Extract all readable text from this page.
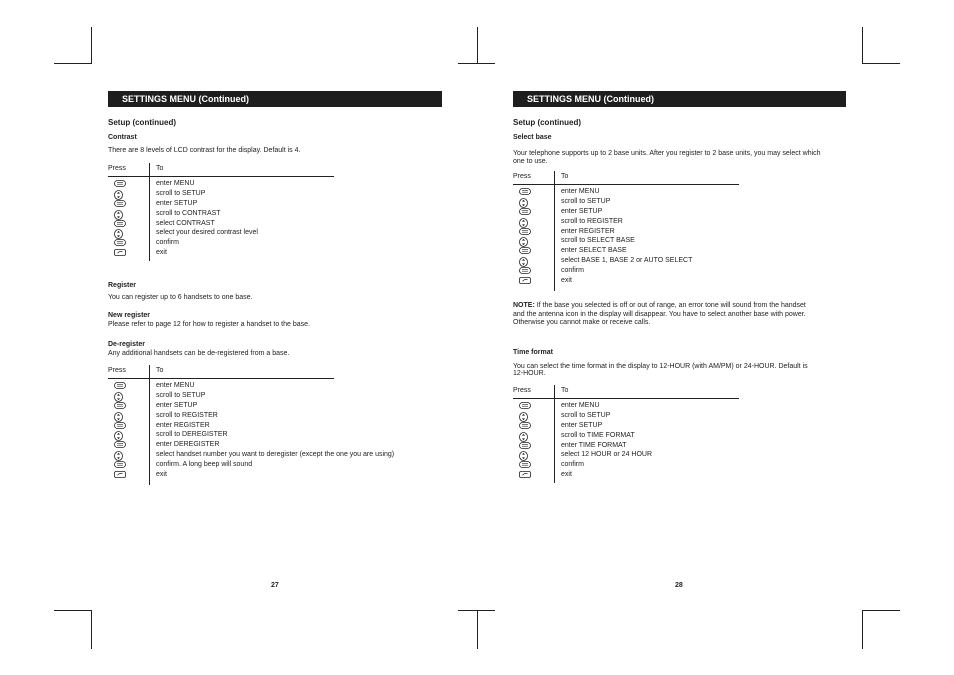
SETTINGS MENU (Continued)

Setup (continued)

Contrast

There are 8 levels of LCD contrast for the display. Default is 4.

Press	To
enter MENU
scroll to SETUP
enter SETUP
scroll to CONTRAST
select CONTRAST
select your desired contrast level
confirm
exit

Register

You can register up to 6 handsets to one base.

New register

Please refer to page 12 for how to register a handset to the base.

De-register

Any additional handsets can be de-registered from a base.

Press	To
enter MENU
scroll to SETUP
enter SETUP
scroll to REGISTER
enter REGISTER
scroll to DEREGISTER
enter DEREGISTER
select handset number you want to deregister (except the one you are using)
confirm. A long beep will sound
exit
27
SETTINGS MENU (Continued)

Setup (continued)

Select base

Your telephone supports up to 2 base units. After you register to 2 base units, you may select which

one to use.

Press	To
enter MENU
scroll to SETUP
enter SETUP
scroll to REGISTER
enter REGISTER
scroll to SELECT BASE
enter SELECT BASE
select BASE 1, BASE 2 or AUTO SELECT
confirm
exit

NOTE: If the base you selected is off or out of range, an error tone will sound from the handset

and the antenna icon in the display will disappear. You have to select another base with power.

Otherwise you cannot make or receive calls.

Time format

You can select the time format in the display to 12-HOUR (with AM/PM) or 24-HOUR. Default is

12-HOUR.

Press	To
enter MENU
scroll to SETUP
enter SETUP
scroll to TIME FORMAT
enter TIME FORMAT
select 12 HOUR or 24 HOUR
confirm
exit
28
